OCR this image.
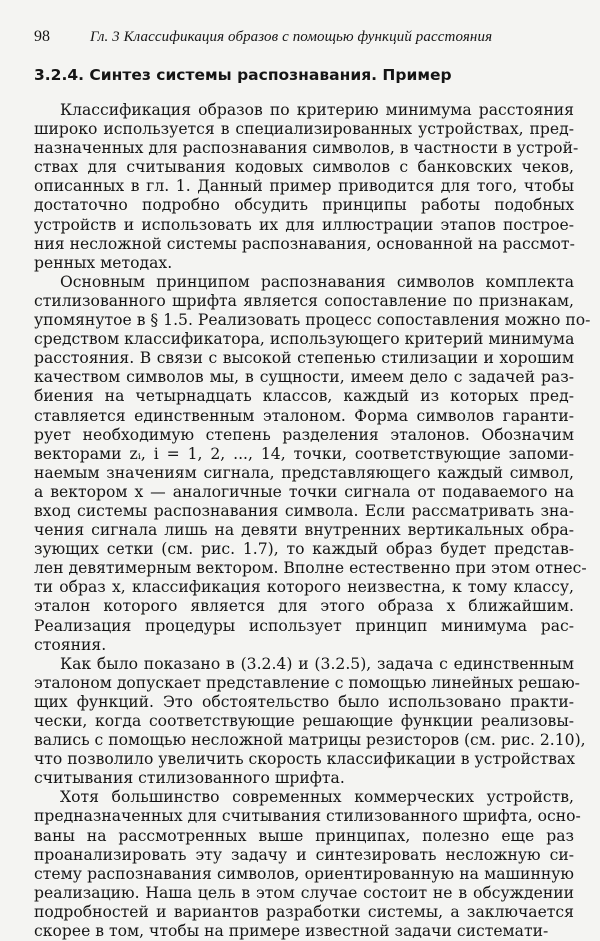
98	Гл. 3 Классификация образов с помощью функций расстояния
3.2.4. Синтез системы распознавания. Пример
Классификация образов по критерию минимума расстояния
широко используется в специализированных устройствах, пред-
назначенных для распознавания символов, в частности в устрой-
ствах для считывания кодовых символов с банковских чеков,
описанных в гл. 1. Данный пример приводится для того, чтобы
достаточно подробно обсудить принципы работы подобных
устройств и использовать их для иллюстрации этапов построе-
ния несложной системы распознавания, основанной на рассмот-
ренных методах.
Основным принципом распознавания символов комплекта
стилизованного шрифта является сопоставление по признакам,
упомянутое в § 1.5. Реализовать процесс сопоставления можно по-
средством классификатора, использующего критерий минимума
расстояния. В связи с высокой степенью стилизации и хорошим
качеством символов мы, в сущности, имеем дело с задачей раз-
биения на четырнадцать классов, каждый из которых пред-
ставляется единственным эталоном. Форма символов гаранти-
рует необходимую степень разделения эталонов. Обозначим
векторами zᵢ, i = 1, 2, ..., 14, точки, соответствующие запоми-
наемым значениям сигнала, представляющего каждый символ,
а вектором x — аналогичные точки сигнала от подаваемого на
вход системы распознавания символа. Если рассматривать зна-
чения сигнала лишь на девяти внутренних вертикальных обра-
зующих сетки (см. рис. 1.7), то каждый образ будет представ-
лен девятимерным вектором. Вполне естественно при этом отнес-
ти образ x, классификация которого неизвестна, к тому классу,
эталон которого является для этого образа x ближайшим.
Реализация процедуры использует принцип минимума рас-
стояния.
Как было показано в (3.2.4) и (3.2.5), задача с единственным
эталоном допускает представление с помощью линейных решаю-
щих функций. Это обстоятельство было использовано практи-
чески, когда соответствующие решающие функции реализовы-
вались с помощью несложной матрицы резисторов (см. рис. 2.10),
что позволило увеличить скорость классификации в устройствах
считывания стилизованного шрифта.
Хотя большинство современных коммерческих устройств,
предназначенных для считывания стилизованного шрифта, осно-
ваны на рассмотренных выше принципах, полезно еще раз
проанализировать эту задачу и синтезировать несложную си-
стему распознавания символов, ориентированную на машинную
реализацию. Наша цель в этом случае состоит не в обсуждении
подробностей и вариантов разработки системы, а заключается
скорее в том, чтобы на примере известной задачи системати-
